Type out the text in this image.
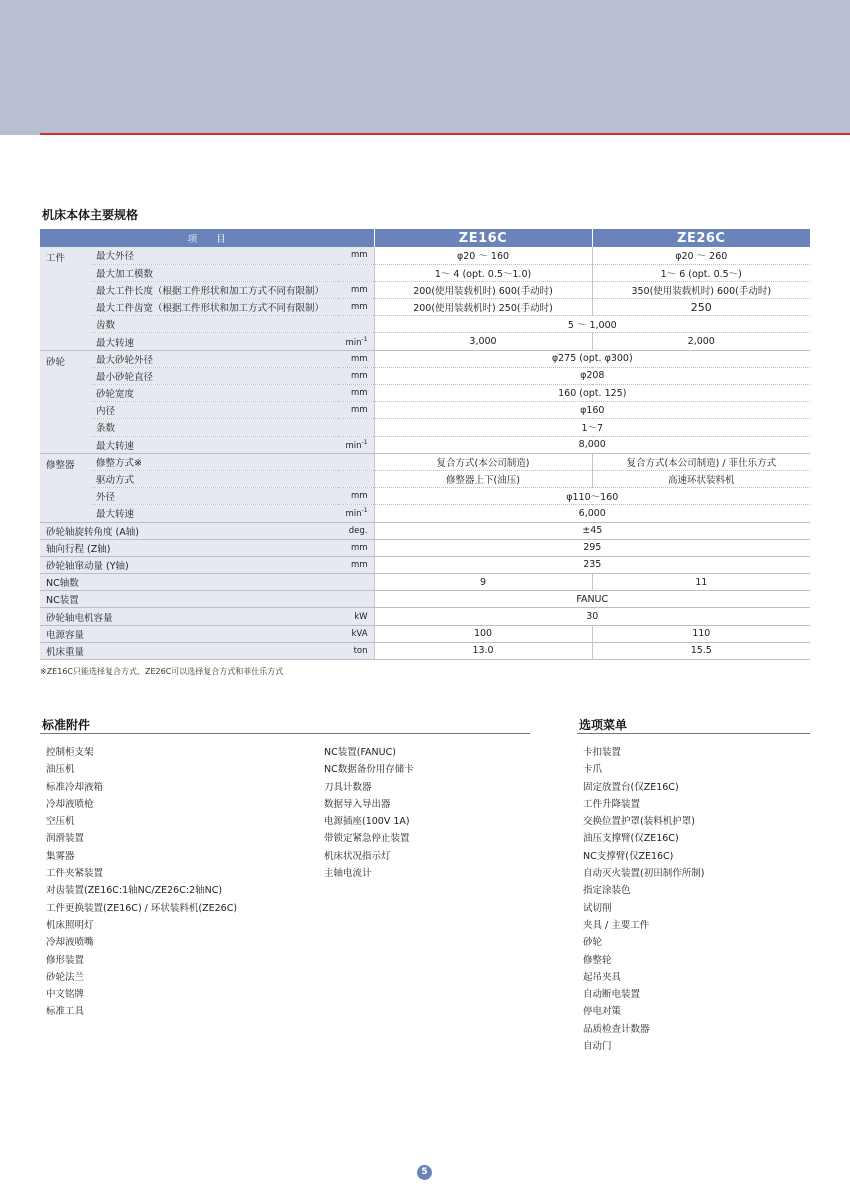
机床本体主要规格
项　　目			ZE16C	ZE26C
工件	最大外径	mm	φ20 ～ 160	φ20 ～ 260
	最大加工模数		1～ 4 (opt. 0.5～1.0)	1～ 6 (opt. 0.5～)
	最大工件长度（根据工件形状和加工方式不同有限制）	mm	200(使用装载机时) 600(手动时)	350(使用装载机时) 600(手动时)
	最大工件齿宽（根据工件形状和加工方式不同有限制）	mm	200(使用装载机时) 250(手动时)	250
	齿数		5 ～ 1,000	
	最大转速	$\min^{-1}$	3,000	2,000
砂轮	最大砂轮外径	mm	φ275 (opt. φ300)	
	最小砂轮直径	mm	φ208	
	砂轮宽度	mm	160 (opt. 125)	
	内径	mm	φ160	
	条数		1～7	
	最大转速	$\min^{-1}$	8,000	
修整器	修整方式※		复合方式(本公司制造)	复合方式(本公司制造) / 菲仕乐方式
	驱动方式		修整器上下(油压)	高速环状装料机
	外径	mm	φ110～160	
	最大转速	$\min^{-1}$	6,000	
砂轮轴旋转角度 (A轴)		deg.	±45	
轴向行程 (Z轴)		mm	295	
砂轮轴窜动量 (Y轴)		mm	235	
NC轴数			9	11
NC装置			FANUC	
砂轮轴电机容量		kW	30	
电源容量		kVA	100	110
机床重量		ton	13.0	15.5
※ZE16C只能选择复合方式、ZE26C可以选择复合方式和菲仕乐方式
标准附件	选项菜单
控制柜支架
油压机
标准冷却液箱
冷却液喷枪
空压机
润滑装置
集雾器
工件夹紧装置
对齿装置(ZE16C:1轴NC/ZE26C:2轴NC)
工件更换装置(ZE16C) / 环状装料机(ZE26C)
机床照明灯
冷却液喷嘴
修形装置
砂轮法兰
中文铭牌
标准工具
NC装置(FANUC)
NC数据备份用存储卡
刀具计数器
数据导入导出器
电源插座(100V 1A)
带锁定紧急停止装置
机床状况指示灯
主轴电流计
卡扣装置
卡爪
固定放置台(仅ZE16C)
工件升降装置
交换位置护罩(装料机护罩)
油压支撑臂(仅ZE16C)
NC支撑臂(仅ZE16C)
自动灭火装置(初田制作所制)
指定涂装色
试切削
夹具 / 主要工件
砂轮
修整轮
起吊夹具
自动断电装置
停电对策
品质检查计数器
自动门
5
